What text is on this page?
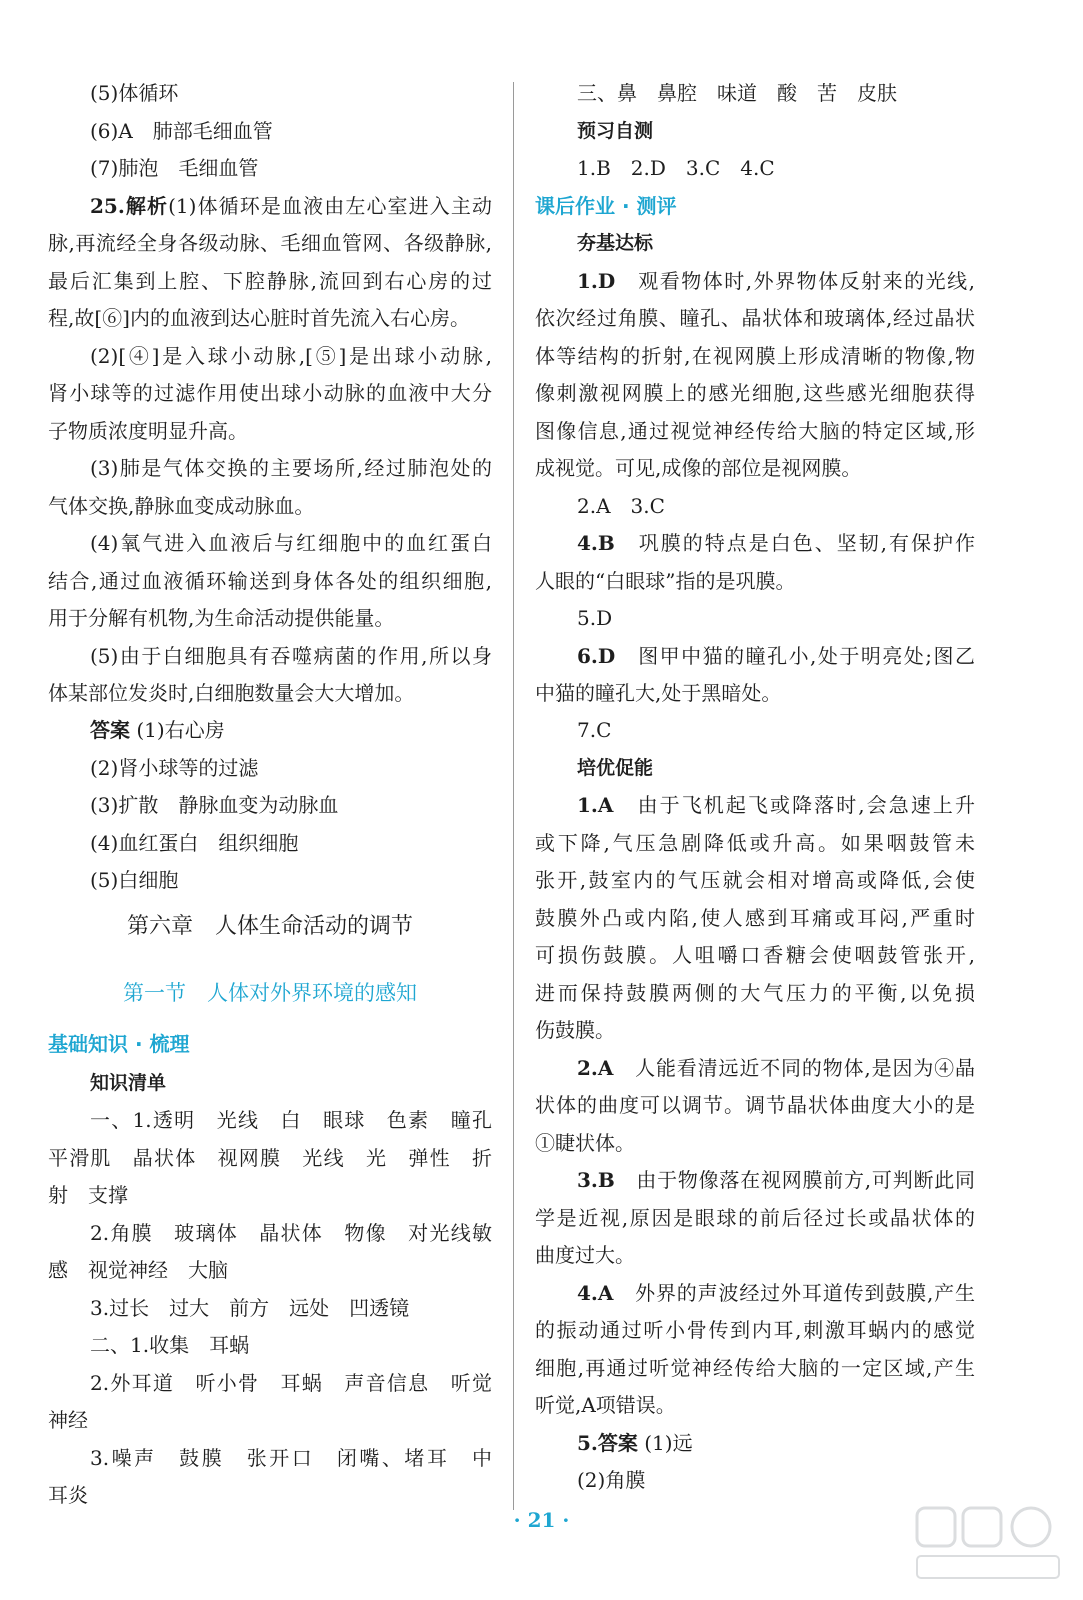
(5)体循环
(6)A　肺部毛细血管
(7)肺泡　毛细血管
25.解析(1)体循环是血液由左心室进入主动
脉,再流经全身各级动脉、毛细血管网、各级静脉,
最后汇集到上腔、下腔静脉,流回到右心房的过
程,故[⑥]内的血液到达心脏时首先流入右心房。
(2)[④]是入球小动脉,[⑤]是出球小动脉,
肾小球等的过滤作用使出球小动脉的血液中大分
子物质浓度明显升高。
(3)肺是气体交换的主要场所,经过肺泡处的
气体交换,静脉血变成动脉血。
(4)氧气进入血液后与红细胞中的血红蛋白
结合,通过血液循环输送到身体各处的组织细胞,
用于分解有机物,为生命活动提供能量。
(5)由于白细胞具有吞噬病菌的作用,所以身
体某部位发炎时,白细胞数量会大大增加。
答案 (1)右心房
(2)肾小球等的过滤
(3)扩散　静脉血变为动脉血
(4)血红蛋白　组织细胞
(5)白细胞
第六章　人体生命活动的调节
第一节　人体对外界环境的感知
基础知识 · 梳理
知识清单
一、1.透明　光线　白　眼球　色素　瞳孔
平滑肌　晶状体　视网膜　光线　光　弹性　折
射　支撑
2.角膜　玻璃体　晶状体　物像　对光线敏
感　视觉神经　大脑
3.过长　过大　前方　远处　凹透镜
二、1.收集　耳蜗
2.外耳道　听小骨　耳蜗　声音信息　听觉
神经
3.噪声　鼓膜　张开口　闭嘴、堵耳　中
耳炎
三、鼻　鼻腔　味道　酸　苦　皮肤
预习自测
1.B　2.D　3.C　4.C
课后作业 · 测评
夯基达标
1.D　 观看物体时,外界物体反射来的光线,
依次经过角膜、瞳孔、晶状体和玻璃体,经过晶状
体等结构的折射,在视网膜上形成清晰的物像,物
像刺激视网膜上的感光细胞,这些感光细胞获得
图像信息,通过视觉神经传给大脑的特定区域,形
成视觉。可见,成像的部位是视网膜。
2.A　3.C
4.B　 巩膜的特点是白色、坚韧,有保护作
人眼的“白眼球”指的是巩膜。
5.D
6.D　 图甲中猫的瞳孔小,处于明亮处;图乙
中猫的瞳孔大,处于黑暗处。
7.C
培优促能
1.A　 由于飞机起飞或降落时,会急速上升
或下降,气压急剧降低或升高。如果咽鼓管未
张开,鼓室内的气压就会相对增高或降低,会使
鼓膜外凸或内陷,使人感到耳痛或耳闷,严重时
可损伤鼓膜。人咀嚼口香糖会使咽鼓管张开,
进而保持鼓膜两侧的大气压力的平衡,以免损
伤鼓膜。
2.A　 人能看清远近不同的物体,是因为④晶
状体的曲度可以调节。调节晶状体曲度大小的是
①睫状体。
3.B　 由于物像落在视网膜前方,可判断此同
学是近视,原因是眼球的前后径过长或晶状体的
曲度过大。
4.A　 外界的声波经过外耳道传到鼓膜,产生
的振动通过听小骨传到内耳,刺激耳蜗内的感觉
细胞,再通过听觉神经传给大脑的一定区域,产生
听觉,A项错误。
5.答案 (1)远
(2)角膜
· 21 ·
